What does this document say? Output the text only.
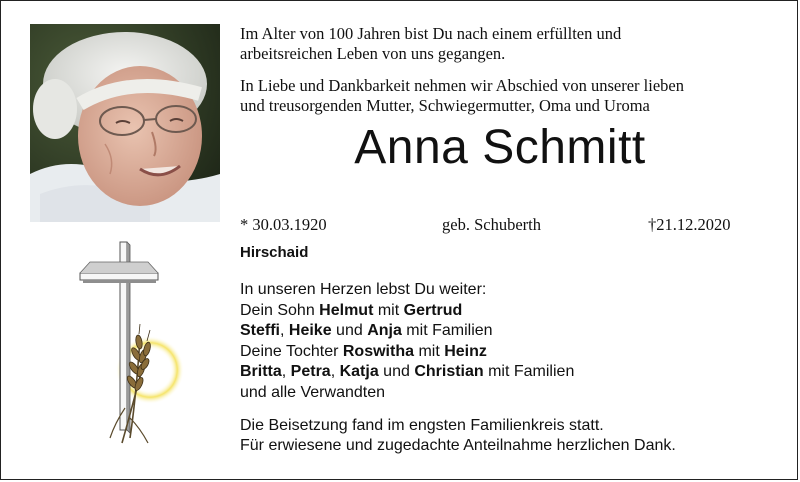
Im Alter von 100 Jahren bist Du nach einem erfüllten und
arbeitsreichen Leben von uns gegangen.

In Liebe und Dankbarkeit nehmen wir Abschied von unserer lieben
und treusorgenden Mutter, Schwiegermutter, Oma und Uroma

Anna Schmitt
* 30.03.1920	geb. Schuberth	†21.12.2020
Hirschaid
In unseren Herzen lebst Du weiter:
Dein Sohn Helmut mit Gertrud
Steffi, Heike und Anja mit Familien
Deine Tochter Roswitha mit Heinz
Britta, Petra, Katja und Christian mit Familien
und alle Verwandten
Die Beisetzung fand im engsten Familienkreis statt.
Für erwiesene und zugedachte Anteilnahme herzlichen Dank.
